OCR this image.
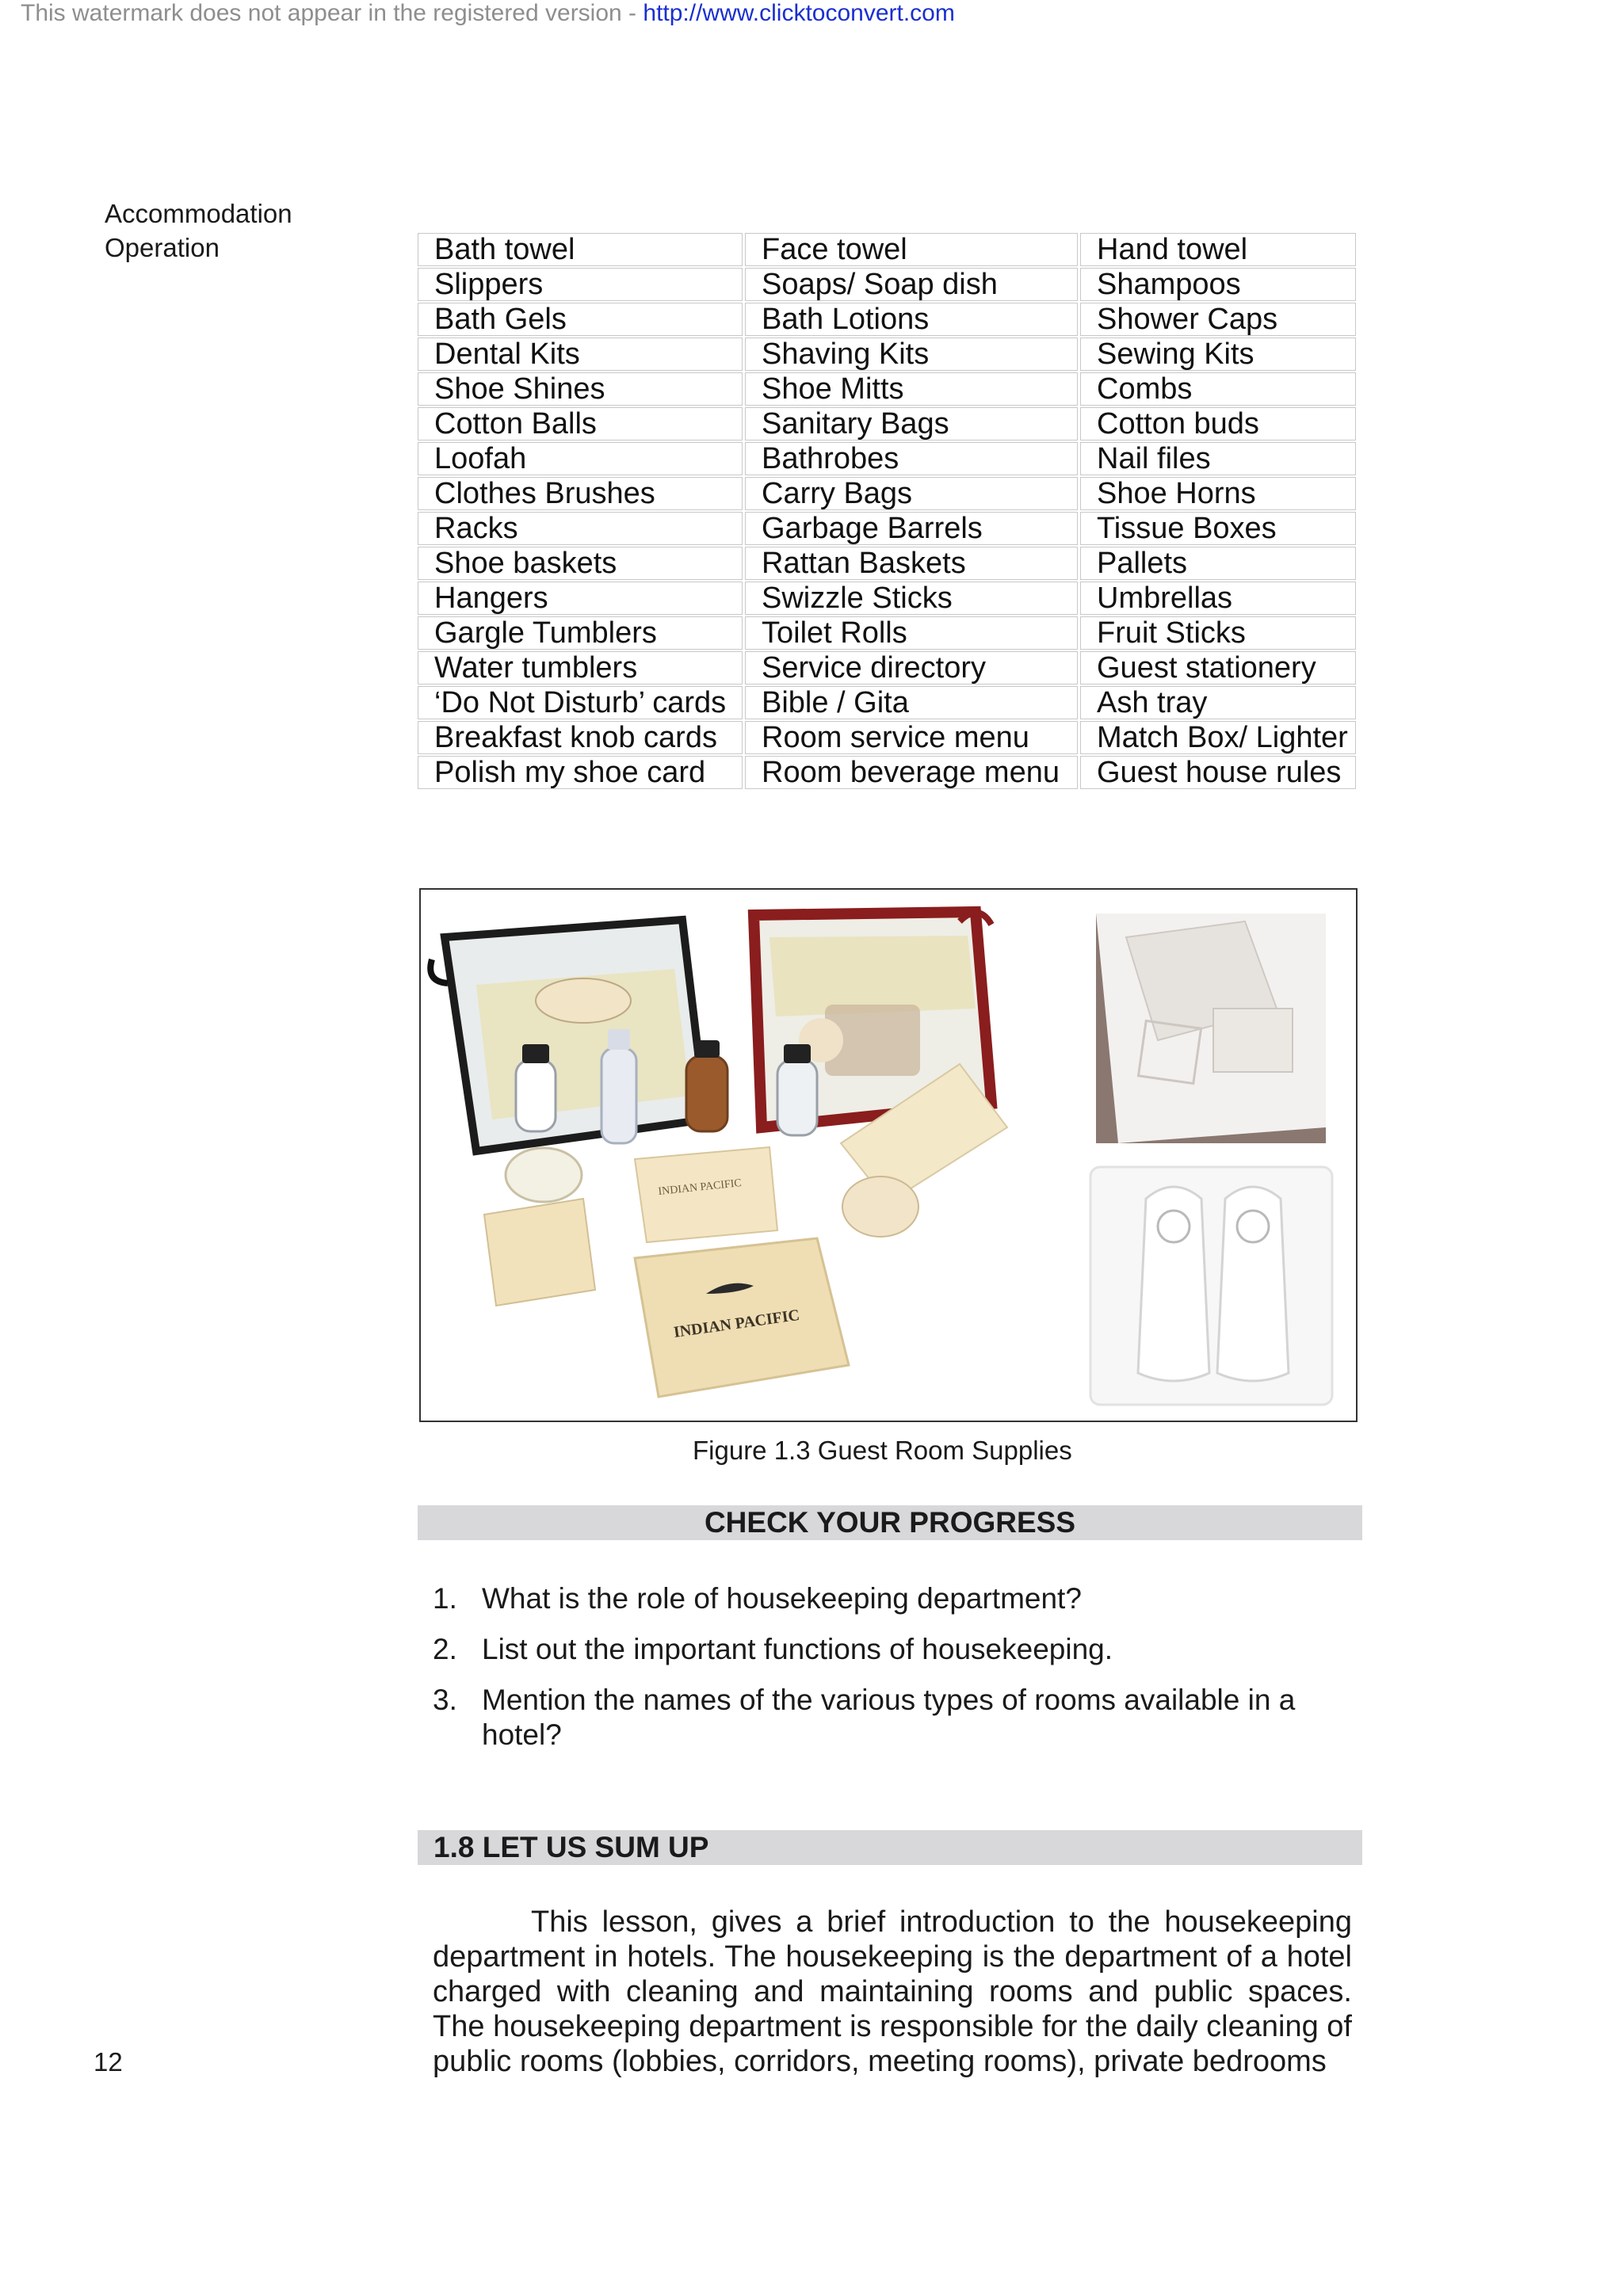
This watermark does not appear in the registered version - http://www.clicktoconvert.com
Accommodation
Operation	Bath towel	Face towel	Hand towel
Slippers	Soaps/ Soap dish	Shampoos
Bath Gels	Bath Lotions	Shower Caps
Dental Kits	Shaving Kits	Sewing Kits
Shoe Shines	Shoe Mitts	Combs
Cotton Balls	Sanitary Bags	Cotton buds
Loofah	Bathrobes	Nail files
Clothes Brushes	Carry Bags	Shoe Horns
Racks	Garbage Barrels	Tissue Boxes
Shoe baskets	Rattan Baskets	Pallets
Hangers	Swizzle Sticks	Umbrellas
Gargle Tumblers	Toilet Rolls	Fruit Sticks
Water tumblers	Service directory	Guest stationery
‘Do Not Disturb’ cards	Bible / Gita	Ash tray
Breakfast knob cards	Room service menu	Match Box/ Lighter
Polish my shoe card	Room beverage menu	Guest house rules
INDIAN PACIFIC
INDIAN PACIFIC
Figure 1.3 Guest Room Supplies
CHECK YOUR PROGRESS
1. What is the role of housekeeping department?
2. List out the important functions of housekeeping.
3. Mention the names of the various types of rooms available in a hotel?
1.8 LET US SUM UP

This lesson, gives a brief introduction to the housekeeping department in hotels. The housekeeping is the department of a hotel charged with cleaning and maintaining rooms and public spaces. The housekeeping department is responsible for the daily cleaning of public rooms (lobbies, corridors, meeting rooms), private bedrooms

12
